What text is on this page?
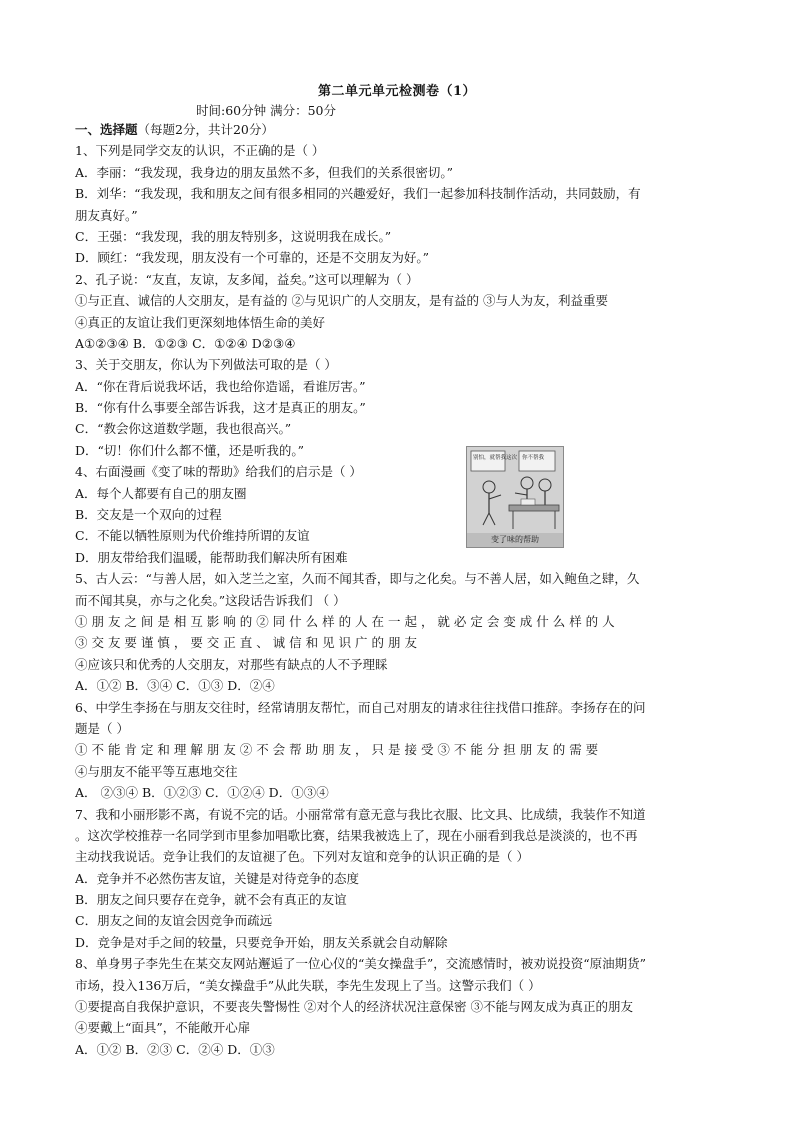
第二单元单元检测卷（1）
时间:60分钟 满分：50分
一、选择题（每题2分，共计20分）
1、下列是同学交友的认识，不正确的是（ ）
A．李丽：“我发现，我身边的朋友虽然不多，但我们的关系很密切。”
B．刘华：“我发现，我和朋友之间有很多相同的兴趣爱好，我们一起参加科技制作活动，共同鼓励，有
朋友真好。”
C．王强：“我发现，我的朋友特别多，这说明我在成长。”
D．顾红：“我发现，朋友没有一个可靠的，还是不交朋友为好。”
2、孔子说：“友直，友谅，友多闻，益矣。”这可以理解为（ ）
①与正直、诚信的人交朋友，是有益的 ②与见识广的人交朋友，是有益的 ③与人为友，利益重要
④真正的友谊让我们更深刻地体悟生命的美好
A①②③④ B．①②③ C．①②④ D②③④
3、关于交朋友，你认为下列做法可取的是（ ）
A．“你在背后说我坏话，我也给你造谣，看谁厉害。”
B．“你有什么事要全部告诉我，这才是真正的朋友。”
C．“教会你这道数学题，我也很高兴。”
D．“切！你们什么都不懂，还是听我的。”
4、右面漫画《变了味的帮助》给我们的启示是（ ）
A．每个人都要有自己的朋友圈
B．交友是一个双向的过程
C．不能以牺牲原则为代价维持所谓的友谊
D．朋友带给我们温暖，能帮助我们解决所有困难
5、古人云：“与善人居，如入芝兰之室，久而不闻其香，即与之化矣。与不善人居，如入鲍鱼之肆，久
而不闻其臭，亦与之化矣。”这段话告诉我们 （ ）
① 朋 友 之 间 是 相 互 影 响 的 ② 同 什 么 样 的 人 在 一 起 ， 就 必 定 会 变 成 什 么 样 的 人
③ 交 友 要 谨 慎 ， 要 交 正 直 、 诚 信 和 见 识 广 的 朋 友
④应该只和优秀的人交朋友，对那些有缺点的人不予理睬
A．①② B．③④ C．①③ D．②④
6、中学生李扬在与朋友交往时，经常请朋友帮忙，而自己对朋友的请求往往找借口推辞。李扬存在的问
题是（ ）
① 不 能 肯 定 和 理 解 朋 友 ② 不 会 帮 助 朋 友 ， 只 是 接 受 ③ 不 能 分 担 朋 友 的 需 要
④与朋友不能平等互惠地交往
A． ②③④ B．①②③ C．①②④ D．①③④
7、我和小丽形影不离，有说不完的话。小丽常常有意无意与我比衣服、比文具、比成绩，我装作不知道
。这次学校推荐一名同学到市里参加唱歌比赛，结果我被选上了，现在小丽看到我总是淡淡的，也不再
主动找我说话。竞争让我们的友谊褪了色。下列对友谊和竞争的认识正确的是（ ）
A．竞争并不必然伤害友谊，关键是对待竞争的态度
B．朋友之间只要存在竞争，就不会有真正的友谊
C．朋友之间的友谊会因竞争而疏远
D．竞争是对手之间的较量，只要竞争开始，朋友关系就会自动解除
8、单身男子李先生在某交友网站邂逅了一位心仪的“美女操盘手”，交流感情时，被劝说投资“原油期货”
市场，投入136万后，“美女操盘手”从此失联，李先生发现上了当。这警示我们（ ）
①要提高自我保护意识，不要丧失警惕性 ②对个人的经济状况注意保密 ③不能与网友成为真正的朋友
④要戴上“面具”，不能敞开心扉
A．①② B．②③ C．②④ D．①③
别怕，就帮我这次 你不帮我
变了味的帮助
